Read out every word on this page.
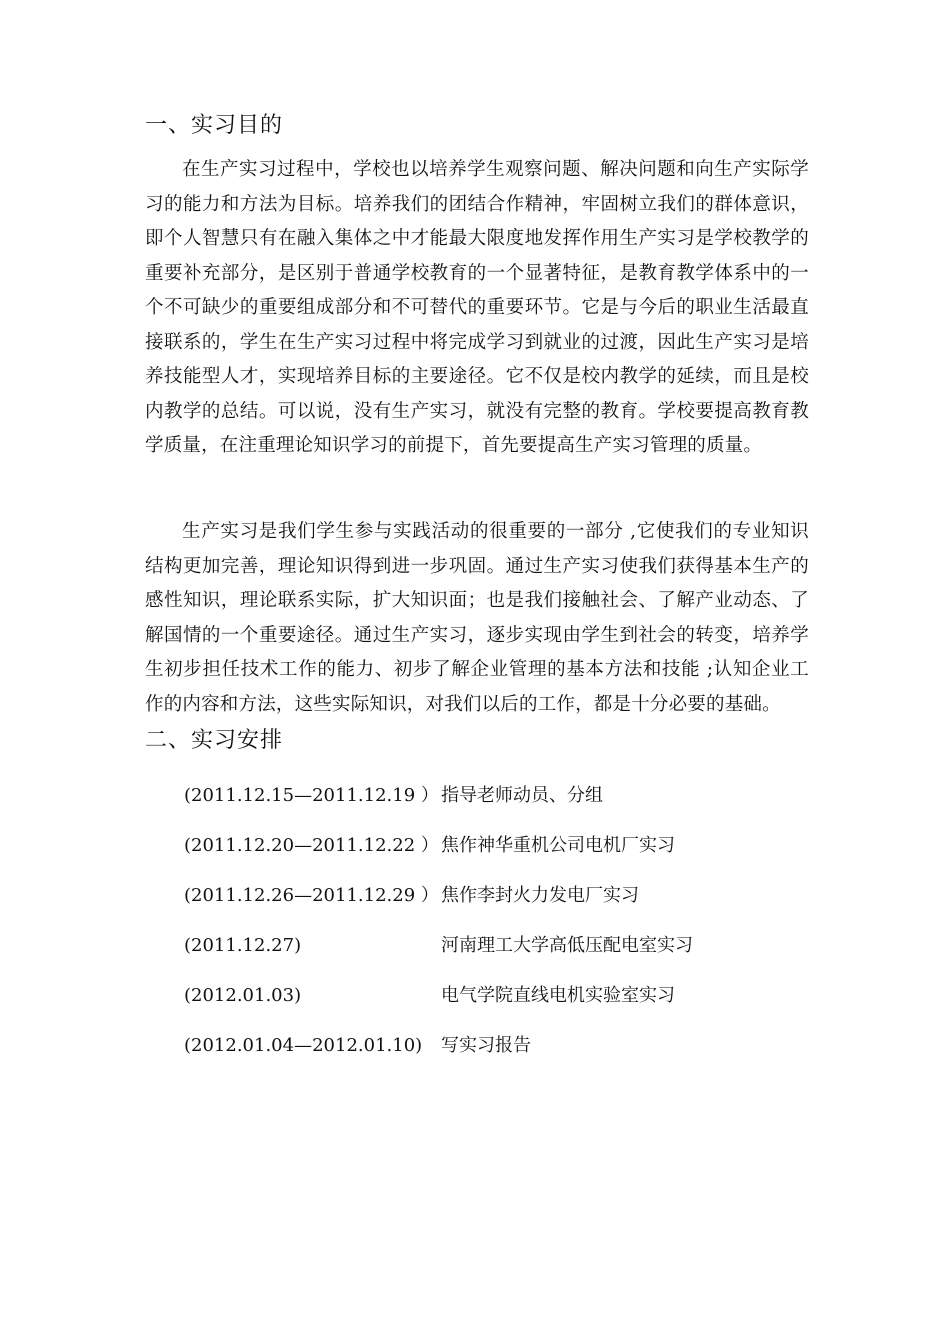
一、实习目的

在生产实习过程中，学校也以培养学生观察问题、解决问题和向生产实际学习的能力和方法为目标。培养我们的团结合作精神，牢固树立我们的群体意识，即个人智慧只有在融入集体之中才能最大限度地发挥作用生产实习是学校教学的重要补充部分，是区别于普通学校教育的一个显著特征，是教育教学体系中的一个不可缺少的重要组成部分和不可替代的重要环节。它是与今后的职业生活最直接联系的，学生在生产实习过程中将完成学习到就业的过渡，因此生产实习是培养技能型人才，实现培养目标的主要途径。它不仅是校内教学的延续，而且是校内教学的总结。可以说，没有生产实习，就没有完整的教育。学校要提高教育教学质量，在注重理论知识学习的前提下，首先要提高生产实习管理的质量。

生产实习是我们学生参与实践活动的很重要的一部分 ,它使我们的专业知识结构更加完善，理论知识得到进一步巩固。通过生产实习使我们获得基本生产的感性知识，理论联系实际，扩大知识面；也是我们接触社会、了解产业动态、了解国情的一个重要途径。通过生产实习，逐步实现由学生到社会的转变，培养学生初步担任技术工作的能力、初步了解企业管理的基本方法和技能 ;认知企业工作的内容和方法，这些实际知识，对我们以后的工作，都是十分必要的基础。

二、实习安排
(2011.12.15—2011.12.19 ） 指导老师动员、分组
(2011.12.20—2011.12.22 ） 焦作神华重机公司电机厂实习
(2011.12.26—2011.12.29 ） 焦作李封火力发电厂实习
(2011.12.27)	河南理工大学高低压配电室实习
(2012.01.03)	电气学院直线电机实验室实习
(2012.01.04—2012.01.10) 写实习报告
